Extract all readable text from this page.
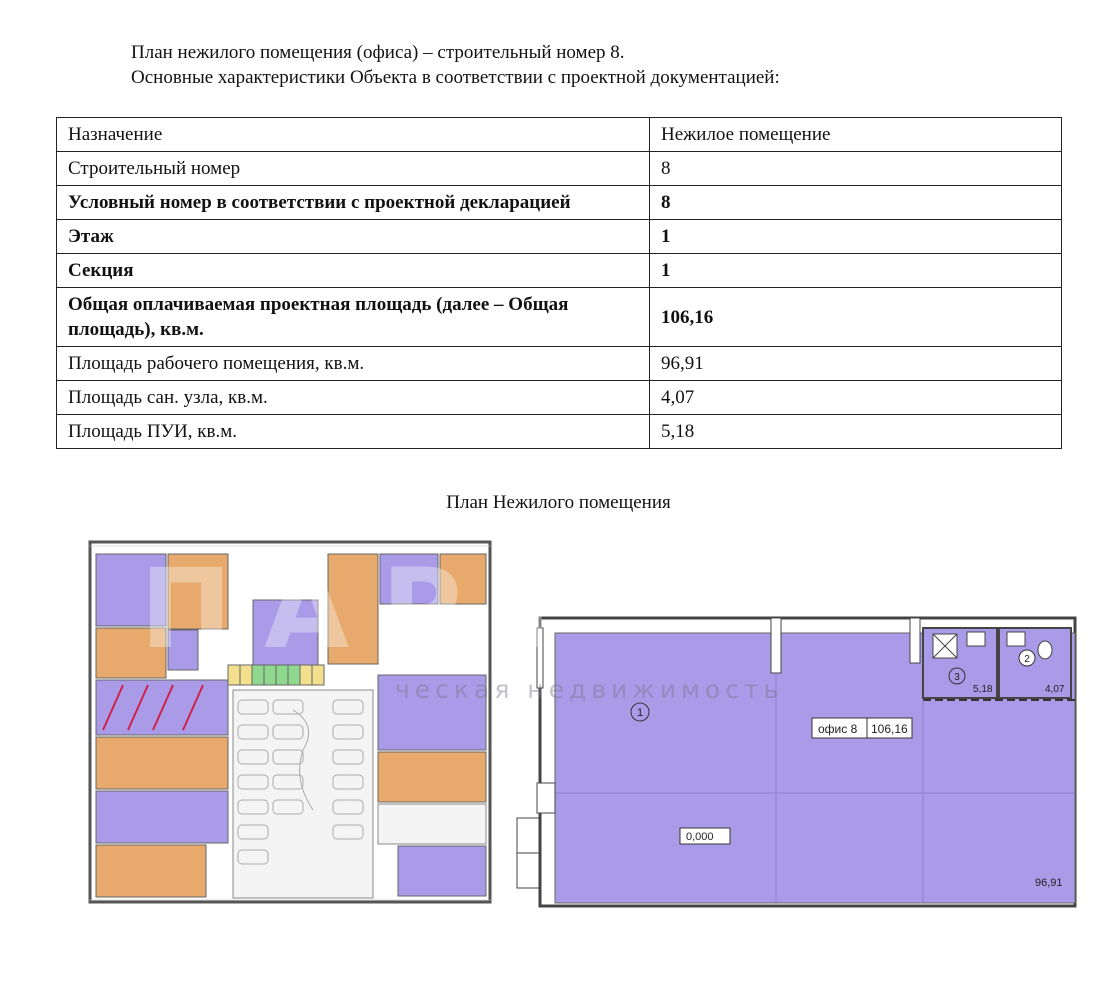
План нежилого помещения (офиса) – строительный номер 8.
Основные характеристики Объекта в соответствии с проектной документацией:
Назначение	Нежилое помещение
Строительный номер	8
Условный номер в соответствии с проектной декларацией	8
Этаж	1
Секция	1
Общая оплачиваемая проектная площадь (далее – Общая площадь), кв.м.	106,16
Площадь рабочего помещения, кв.м.	96,91
Площадь сан. узла, кв.м.	4,07
Площадь ПУИ, кв.м.	5,18
План Нежилого помещения
1
2
3
5,18	4,07
офис 8 106,16
0,000
96,91
ПАРТ
ческая недвижимость
